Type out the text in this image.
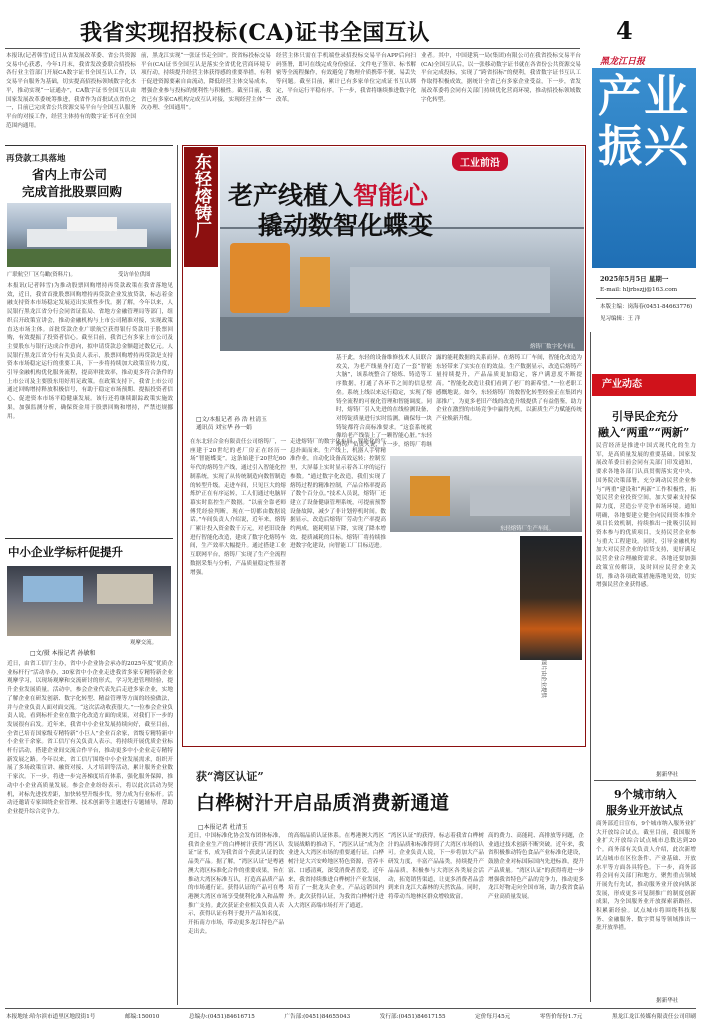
我省实现招投标(CA)证书全国互认
本报讯(记者韩雪)近日从省发展改革委、省公共资源交易中心获悉，今年1月末，我省发改委联合招投标各行业主管部门开展CA数字证书全国互认工作，以交易平台服务为基础，切实提高招投标领域数字化水平，推动实现“一证通办”，CA数字证书全国互认由国家发展改革委统筹推进，我省作为首批试点省份之一，目前已完成省公共资源交易平台与全国互认服务平台的对接工作，经营主体持有的数字证书可在全国范围内通用。
前，黑龙江实现“一张证书走全国”。资省标投标交易平台(CA)证书全国互认是落实全省优化营商环境专项行动，持续提升经营主体获得感的重要举措，有利于促进资源要素自由流动，降低经营主体交易成本，增强企业参与投标的便利性与积极性。截至目前，我省已有多家CA机构完成互认对接，实现经营主体“一次办理、全国通用”。
经营主体只需在手机端登录招投标交易平台APP后向扫码签署，即可在线完成身份验证、文件电子签章、标书解密等全流程操作，有效避免了物理介质携带不便、易丢失等问题。截至目前，累计已有多家单位完成证书互认绑定，平台运行平稳有序。下一步，我省将继续推进数字化改革。
业者。其中，中国建筑一局(集团)有限公司在我省投标交易平台(CA)全国互认后，以一张移动数字证书就在各省份公共资源交易平台完成投标，实现了“跨省招标”的便利，我省数字证书互认工作取得积极成效，据统计全省已有多家企业受益，下一步，省发展改革委将会同有关部门持续优化营商环境，推动招投标领域数字化转型。
4
黑龙江日报
产业振兴
2025年5月5日 星期一
E-mail: hljrbszjj@163.com
本版主编：岗海春(0451-84663776)
见习编辑：王 洋
再贷款工具落地
省内上市公司
完成首批股票回购
广联航空厂区鸟瞰(资料片)。	受访单位供图
本报讯(记者韩雪)为推动股票回购增持再贷款政策在我省落地见效，近日，我省首批股票回购增持再贷款企业发放贷款，标志着金融支持资本市场稳定发展迈出实质性步伐。据了解，今年以来，人民银行黑龙江省分行会同省证监局、省地方金融管理局等部门，组织召开政策宣讲会，推动金融机构与上市公司精准对接，实现政策直达市场主体。首批贷款企业广联航空获得银行贷款用于股票回购，有效提振了投资者信心。截至目前，我省已有多家上市公司及主要股东与银行达成合作意向，拟申请贷款总金额超过数亿元。人民银行黑龙江省分行有关负责人表示，股票回购增持再贷款是支持资本市场稳定运行的重要工具，下一步将持续加大政策宣传力度，引导金融机构优化服务流程，提高审批效率，推动更多符合条件的上市公司及主要股东用好用足政策。在政策支持下，我省上市公司通过回购增持释放积极信号，有助于稳定市场预期、提振投资者信心、促进资本市场平稳健康发展。该行还将继续跟踪政策实施效果，加强监测分析，确保资金用于股票回购和增持，严禁违规挪用。
中小企业学标杆促提升
观摩交流。
□文/摄 本报记者 孙敏和
近日，由省工信厅主办，省中小企业协会承办的2025年度“优质企业标杆行”活动举办，30家省中小企业走进我省多家专精特新企业观摩学习，以现场观摩和交流研讨的形式，学习先进管理经验，提升企业发展质量。活动中，参会企业代表先后走进多家企业，实地了解企业在研发创新、数字化转型、精益管理等方面的经验做法，并与企业负责人面对面交流。“这次活动收获很大。”一位参会企业负责人说，看到标杆企业在数字化改造方面的成果，对我们下一步的发展很有启发。近年来，我省中小企业发展持续向好，截至目前，全省已培育国家级专精特新“小巨人”企业百余家，省级专精特新中小企业千余家。省工信厅有关负责人表示，将持续开展优质企业标杆行活动，搭建企业间交流合作平台，推动更多中小企业走专精特新发展之路。今年以来，省工信厅围绕中小企业发展需求，组织开展了多场政策宣讲、融资对接、人才培训等活动，累计服务企业数千家次。下一步，将进一步完善梯度培育体系，强化服务保障，推动中小企业高质量发展。参会企业纷纷表示，将以此次活动为契机，对标先进找差距，加快转型升级步伐，努力成为行业标杆。活动还邀请专家围绕企业管理、技术创新等主题进行专题辅导，帮助企业提升综合竞争力。
东轻熔铸厂	工业前沿
老产线植入智能心
撬动数智化蝶变
熔铸厂数字化车间。
□文/本报记者 孙 浩 杜清玉
通讯员 刘宝华 孙一娟
在东北轻合金有限责任公司熔铸厂，一座建于20世纪的老厂房正在经历一场“智能蝶变”。这条始建于20世纪60年代的熔铸生产线，通过引入智能化控制系统，实现了从传统制造向数智制造的转型升级。走进车间，只见巨大的熔炼炉正在有序运转，工人们通过电脑屏幕实时监控生产数据。“以前全靠老师傅凭经验判断，现在一切都由数据说话。”车间负责人介绍说，近年来，熔铸厂累计投入资金数千万元，对老旧设备进行智能化改造，建成了数字化熔铸车间，生产效率大幅提升。通过搭建工业互联网平台，熔铸厂实现了生产全流程数据采集与分析，产品质量稳定性显著增强。
走进熔铸厂的数字化车间，智能化的气息扑面而来。生产线上，机器人手臂精准作业，自动化设备高效运转；控制室里，大屏幕上实时显示着各工序的运行参数。“通过数字化改造，我们实现了熔铸过程的精准控制，产品合格率提高了数个百分点。”技术人员说，熔铸厂还建立了设备健康管理系统，可提前预警设备故障，减少了非计划停机时间。数据显示，改造后熔铸厂劳动生产率提高约两成，能耗明显下降，实现了降本增效、提质减耗的目标。熔铸厂将持续推进数字化建设，向智能工厂目标迈进。
基于此，东轻的设备维修技术人员联合攻关，为老产线量身打造了一套“智能大脑”，该系统整合了熔炼、铸造等工序数据，打通了各环节之间的信息壁垒。系统上线以来运行稳定，实现了熔铸全流程的可视化管理和智能调度。同时，熔铸厂引入先进的在线检测设备，对铸锭质量进行实时监测，确保每一块铸锭都符合高标准要求。“这套系统就像给老产线装上了一颗智能心脏。”东轻熔铸厂负责人说，下一步，熔铸厂将继
露的能耗数据的关系而异。在熔铸工厂车间，智能化改造为东轻带来了实实在在的效益。生产数据显示，改造后熔铸产量持续提升，产品品质更加稳定，客户满意度不断提高。“智能化改造让我们看到了老厂的新希望。”一位老职工感慨地说。如今，东轻熔铸厂的数智化转型经验正在集团内部推广，为更多老旧产线的改造升级提供了有益借鉴，助力企业在激烈的市场竞争中赢得先机，以新质生产力赋能传统产业焕新升级。
东轻熔铸厂生产车间。
图片由企业提供
获“湾区认证”
白桦树汁开启品质消费新通道
□本报记者 杜清玉
近日，中国标准化协会发布团体标准，我省企业生产的白桦树汁获得“湾区认证”证书，成为我省首个获此认证的饮品类产品。据了解，“湾区认证”是粤港澳大湾区标准化合作的重要成果，旨在推动大湾区标准互认，打造高品质产品的市场通行证。获得认证的产品可在粤港澳大湾区市场享受便利化准入和品牌推广支持。此次获证企业相关负责人表示，获得认证有利于提升产品知名度，开拓南方市场，带动更多龙江特色产品走出去。
的高端品质认证体系。在粤港澳大湾区发展战略的推动下，“湾区认证”成为企业进入大湾区市场的重要通行证。白桦树汁是大兴安岭地区特色资源，营养丰富、口感清爽，深受消费者喜爱。近年来，我省持续推进白桦树汁产业发展，培育了一批龙头企业，产品远销国内外。此次获得认证，为我省白桦树汁进入大湾区高端市场打开了通道。
“湾区认证”的获得，标志着我省白桦树汁的品质和标准得到了大湾区市场的认可。企业负责人说，下一步将加大产品研发力度，丰富产品品类，持续提升产品品质，积极参与大湾区各类展会活动，拓宽销售渠道，让更多消费者品尝到来自龙江大森林的天然饮品。同时，将带动当地林区群众增收致富。
高的费力、高能耗、高排放等问题，企业通过技术创新不断突破。近年来，我省积极推动特色食品产业标准化建设，鼓励企业对标国际国内先进标准，提升产品质量。“湾区认证”的获得将进一步增强我省特色产品的竞争力，推动更多龙江好物走向全国市场，助力我省食品产业高质量发展。
产业动态
引导民企充分
融入“两重”“两新”
民营经济是推进中国式现代化的生力军，是高质量发展的重要基础。国家发展改革委日前会同有关部门印发通知，要求各地各部门认真贯彻落实党中央、国务院决策部署，充分调动民营企业参与“两重”建设和“两新”工作积极性，拓宽民营企业投资空间，加大要素支持保障力度，营造公平竞争市场环境。通知明确，各地要建立健全向民间资本推介项目长效机制，持续推出一批吸引民间资本参与的优质项目，支持民营企业参与重大工程建设。同时，引导金融机构加大对民营企业的信贷支持，更好满足民营企业合理融资需求。各地还要加强政策宣传解读，及时回应民营企业关切，推动各项政策措施落地见效，切实增强民营企业获得感。
据新华社
9个城市纳入
服务业开放试点
商务部近日宣布，9个城市纳入服务业扩大开放综合试点。截至目前，我国服务业扩大开放综合试点城市总数达到20个。商务部有关负责人介绍，此次新增试点城市在区位条件、产业基础、开放水平等方面各具特色。下一步，商务部将会同有关部门和地方，聚焦重点领域开展先行先试，推动服务业开放向纵深发展，形成更多可复制推广的制度创新成果，为全国服务业开放探索新路径、积累新经验。试点城市将围绕科技服务、金融服务、数字贸易等领域推出一批开放举措。
据新华社
本报地址:哈尔滨市道里区地段街1号	邮编:150010	总编办:(0451)84616715	广告部:(0451)84655043	发行部:(0451)84617155	定价每月45元	零售价每份1.7元	黑龙江龙江传媒有限责任公司印刷
